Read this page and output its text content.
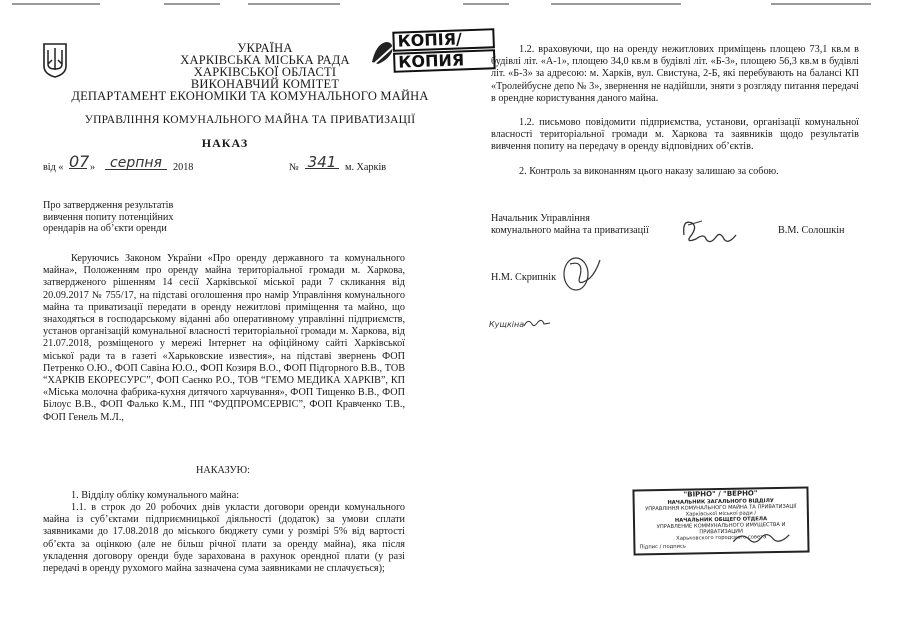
УКРАЇНА
ХАРКІВСЬКА МІСЬКА РАДА
ХАРКІВСЬКОЇ ОБЛАСТІ
ВИКОНАВЧИЙ КОМІТЕТ
ДЕПАРТАМЕНТ ЕКОНОМІКИ ТА КОМУНАЛЬНОГО МАЙНА
УПРАВЛІННЯ КОМУНАЛЬНОГО МАЙНА ТА ПРИВАТИЗАЦІЇ
НАКАЗ
від « 07 »	серпня	2018	№ 341 м. Харків
Про затвердження результатів
вивчення попиту потенційних
орендарів на об’єкти оренди
Керуючись Законом України «Про оренду державного та комунального майна», Положенням про оренду майна територіальної громади м. Харкова, затвердженого рішенням 14 сесії Харківської міської ради 7 скликання від 20.09.2017 № 755/17, на підставі оголошення про намір Управління комунального майна та приватизації передати в оренду нежитлові приміщення та майно, що знаходяться в господарському віданні або оперативному управлінні підприємств, установ організацій комунальної власності територіальної громади м. Харкова, від 21.07.2018, розміщеного у мережі Інтернет на офіційному сайті Харківської міської ради та в газеті «Харьковские известия», на підставі звернень ФОП Петренко О.Ю., ФОП Савіна Ю.О., ФОП Козиря В.О., ФОП Підгорного В.В., ТОВ “ХАРКІВ ЕКОРЕСУРС”, ФОП Саєнко Р.О., ТОВ “ГЕМО МЕДИКА ХАРКІВ”, КП «Міська молочна фабрика-кухня дитячого харчування», ФОП Тищенко В.В., ФОП Білоус В.В., ФОП Фалько К.М., ПП “ФУДПРОМСЕРВІС”, ФОП Кравченко Т.В., ФОП Генель М.Л.,
НАКАЗУЮ:
1. Відділу обліку комунального майна:
1.1. в строк до 20 робочих днів укласти договори оренди комунального майна із суб’єктами підприємницької діяльності (додаток) за умови сплати заявниками до 17.08.2018 до міського бюджету суми у розмірі 5% від вартості об’єкта за оцінкою (але не більш річної плати за оренду майна), яка після укладення договору оренди буде зарахована в рахунок орендної плати (у разі передачі в оренду рухомого майна зазначена сума заявниками не сплачується);
КОПІЯ/
КОПИЯ
1.2. враховуючи, що на оренду нежитлових приміщень площею 73,1 кв.м в будівлі літ. «А-1», площею 34,0 кв.м в будівлі літ. «Б-3», площею 56,3 кв.м в будівлі літ. «Б-3» за адресою: м. Харків, вул. Свистуна, 2-Б, які перебувають на балансі КП «Тролейбусне депо № 3», звернення не надійшли, зняти з розгляду питання передачі в орендне користування даного майна.
1.2. письмово повідомити підприємства, установи, організації комунальної власності територіальної громади м. Харкова та заявників щодо результатів вивчення попиту на передачу в оренду відповідних об’єктів.
2. Контроль за виконанням цього наказу залишаю за собою.
Начальник Управління
комунального майна та приватизації	В.М. Солошкін
Н.М. Скрипнік
Кущкіна
"ВІРНО" / "ВЕРНО"
НАЧАЛЬНИК ЗАГАЛЬНОГО ВІДДІЛУ
УПРАВЛІННЯ КОМУНАЛЬНОГО МАЙНА ТА ПРИВАТИЗАЦІЇ
Харківської міської ради /
НАЧАЛЬНИК ОБЩЕГО ОТДЕЛА
УПРАВЛЕНИЕ КОММУНАЛЬНОГО ИМУЩЕСТВА И ПРИВАТИЗАЦИИ
Харьковского городского совета
Підпис / подпись
